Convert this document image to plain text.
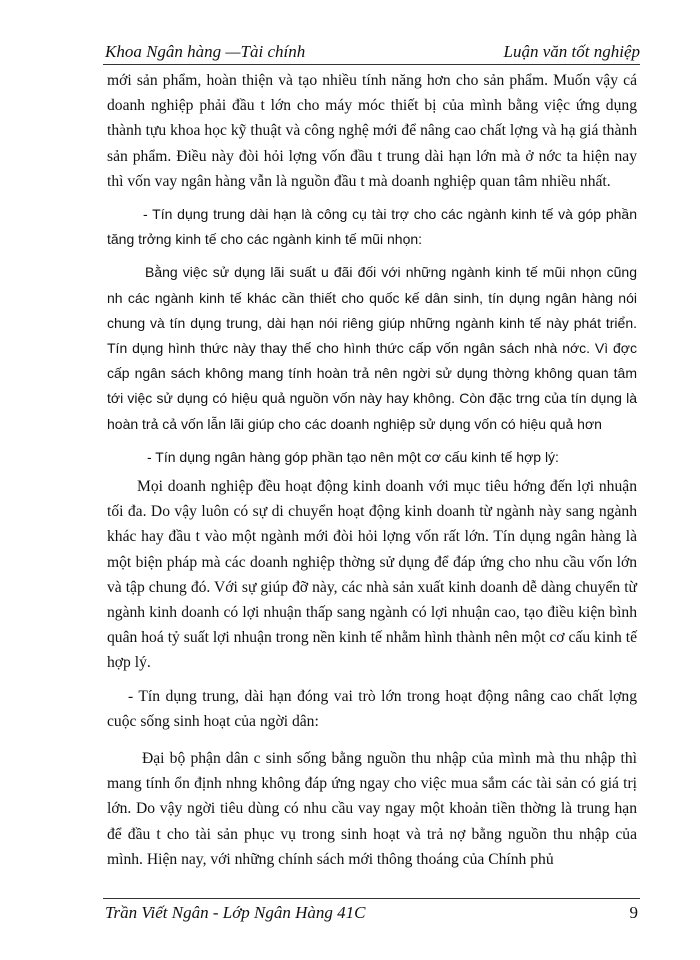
Khoa Ngân hàng —Tài chính	Luận văn tốt nghiệp

mới sản phẩm, hoàn thiện và tạo nhiều tính năng hơn cho sản phẩm. Muốn vậy cá doanh nghiệp phải đầu t lớn cho máy móc thiết bị của mình bằng việc ứng dụng thành tựu khoa học kỹ thuật và công nghệ mới để nâng cao chất lợng và hạ giá thành sản phẩm. Điều này đòi hỏi lợng vốn đầu t trung dài hạn lớn mà ở nớc ta hiện nay thì vốn vay ngân hàng vẫn là nguồn đầu t mà doanh nghiệp quan tâm nhiều nhất.

- Tín dụng trung dài hạn là công cụ tài trợ cho các ngành kinh tế và góp phần tăng trởng kinh tế cho các ngành kinh tế mũi nhọn:

Bằng việc sử dụng lãi suất u đãi đối với những ngành kinh tế mũi nhọn cũng nh các ngành kinh tế khác cần thiết cho quốc kế dân sinh, tín dụng ngân hàng nói chung và tín dụng trung, dài hạn nói riêng giúp những ngành kinh tế này phát triển. Tín dụng hình thức này thay thế cho hình thức cấp vốn ngân sách nhà nớc. Vì đợc cấp ngân sách không mang tính hoàn trả nên ngời sử dụng thờng không quan tâm tới việc sử dụng có hiệu quả nguồn vốn này hay không. Còn đặc trng của tín dụng là hoàn trả cả vốn lẫn lãi giúp cho các doanh nghiệp sử dụng vốn có hiệu quả hơn

- Tín dụng ngân hàng góp phần tạo nên một cơ cấu kinh tế hợp lý:

Mọi doanh nghiệp đều hoạt động kinh doanh với mục tiêu hớng đến lợi nhuận tối đa. Do vậy luôn có sự di chuyển hoạt động kinh doanh từ ngành này sang ngành khác hay đầu t vào một ngành mới đòi hỏi lợng vốn rất lớn. Tín dụng ngân hàng là một biện pháp mà các doanh nghiệp thờng sử dụng để đáp ứng cho nhu cầu vốn lớn và tập chung đó. Với sự giúp đỡ này, các nhà sản xuất kinh doanh dễ dàng chuyển từ ngành kinh doanh có lợi nhuận thấp sang ngành có lợi nhuận cao, tạo điều kiện bình quân hoá tỷ suất lợi nhuận trong nền kinh tế nhằm hình thành nên một cơ cấu kinh tế hợp lý.

- Tín dụng trung, dài hạn đóng vai trò lớn trong hoạt động nâng cao chất lợng cuộc sống sinh hoạt của ngời dân:

Đại bộ phận dân c sinh sống bằng nguồn thu nhập của mình mà thu nhập thì mang tính ổn định nhng không đáp ứng ngay cho việc mua sắm các tài sản có giá trị lớn. Do vậy ngời tiêu dùng có nhu cầu vay ngay một khoản tiền thờng là trung hạn để đầu t cho tài sản phục vụ trong sinh hoạt và trả nợ bằng nguồn thu nhập của mình. Hiện nay, với những chính sách mới thông thoáng của Chính phủ

Trần Viết Ngân - Lớp Ngân Hàng 41C	9
